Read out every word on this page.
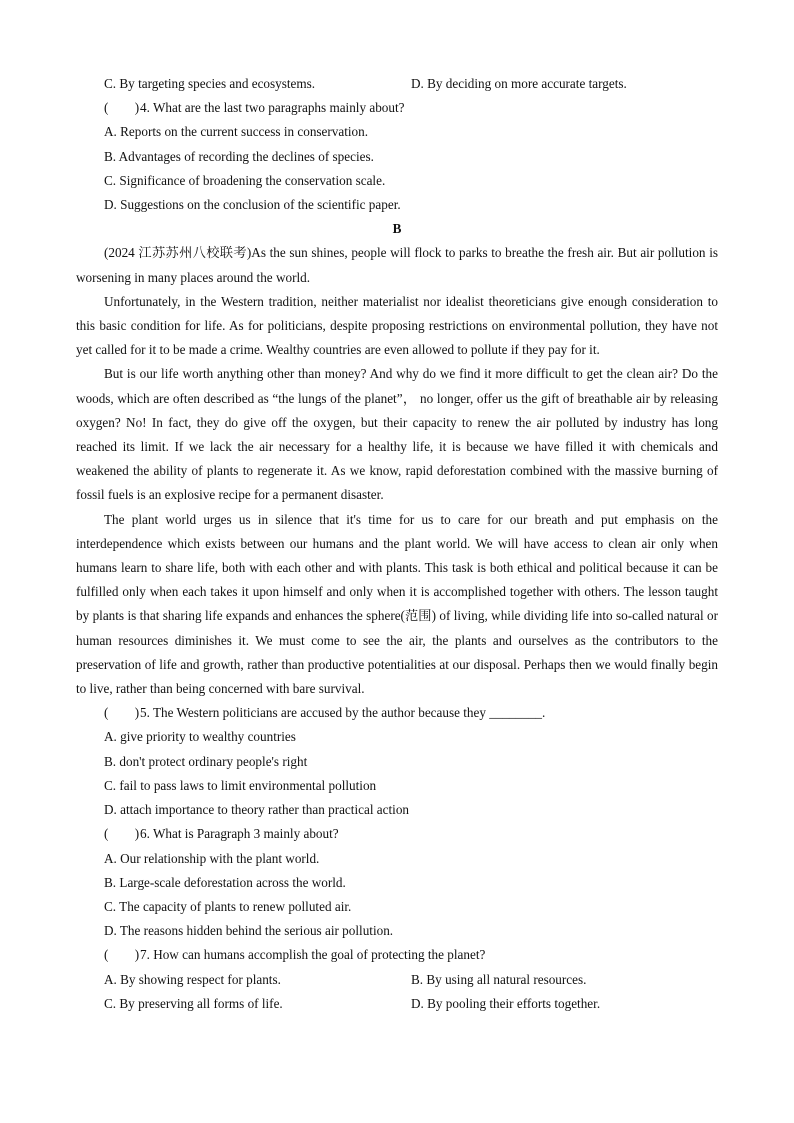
C. By targeting species and ecosystems.	D. By deciding on more accurate targets.
(　　)4. What are the last two paragraphs mainly about?
A. Reports on the current success in conservation.
B. Advantages of recording the declines of species.
C. Significance of broadening the conservation scale.
D. Suggestions on the conclusion of the scientific paper.
B
(2024 江苏苏州八校联考)As the sun shines, people will flock to parks to breathe the fresh air. But air pollution is worsening in many places around the world.
Unfortunately, in the Western tradition, neither materialist nor idealist theoreticians give enough consideration to this basic condition for life. As for politicians, despite proposing restrictions on environmental pollution, they have not yet called for it to be made a crime. Wealthy countries are even allowed to pollute if they pay for it.
But is our life worth anything other than money? And why do we find it more difficult to get the clean air? Do the woods, which are often described as “the lungs of the planet”， no longer, offer us the gift of breathable air by releasing oxygen? No! In fact, they do give off the oxygen, but their capacity to renew the air polluted by industry has long reached its limit. If we lack the air necessary for a healthy life, it is because we have filled it with chemicals and weakened the ability of plants to regenerate it. As we know, rapid deforestation combined with the massive burning of fossil fuels is an explosive recipe for a permanent disaster.
The plant world urges us in silence that it's time for us to care for our breath and put emphasis on the interdependence which exists between our humans and the plant world. We will have access to clean air only when humans learn to share life, both with each other and with plants. This task is both ethical and political because it can be fulfilled only when each takes it upon himself and only when it is accomplished together with others. The lesson taught by plants is that sharing life expands and enhances the sphere(范围) of living, while dividing life into so-called natural or human resources diminishes it. We must come to see the air, the plants and ourselves as the contributors to the preservation of life and growth, rather than productive potentialities at our disposal. Perhaps then we would finally begin to live, rather than being concerned with bare survival.
(　　)5. The Western politicians are accused by the author because they ________.
A. give priority to wealthy countries
B. don't protect ordinary people's right
C. fail to pass laws to limit environmental pollution
D. attach importance to theory rather than practical action
(　　)6. What is Paragraph 3 mainly about?
A. Our relationship with the plant world.
B. Large-scale deforestation across the world.
C. The capacity of plants to renew polluted air.
D. The reasons hidden behind the serious air pollution.
(　　)7. How can humans accomplish the goal of protecting the planet?
A. By showing respect for plants.	B. By using all natural resources.
C. By preserving all forms of life.	D. By pooling their efforts together.
